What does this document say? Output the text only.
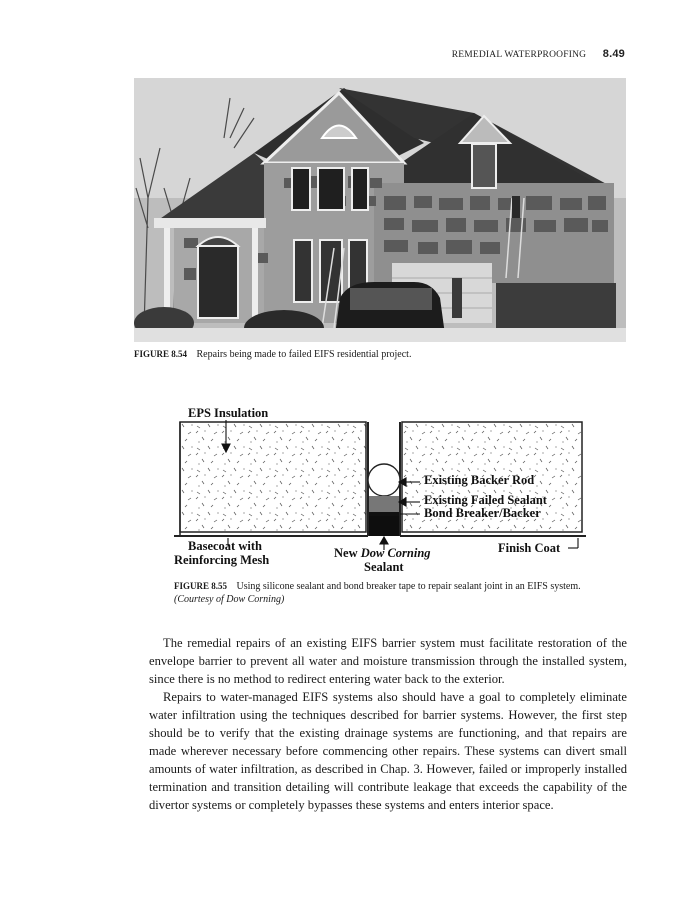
REMEDIAL WATERPROOFING 8.49
FIGURE 8.54 Repairs being made to failed EIFS residential project.
EPS Insulation
Existing Backer Rod
Existing Failed Sealant
Bond Breaker/Backer
Basecoat with
Reinforcing Mesh	New Dow Corning
Sealant
Finish Coat
FIGURE 8.55 Using silicone sealant and bond breaker tape to repair sealant joint in an EIFS system. (Courtesy of Dow Corning)

The remedial repairs of an existing EIFS barrier system must facilitate restoration of the envelope barrier to prevent all water and moisture transmission through the installed system, since there is no method to redirect entering water back to the exterior.

Repairs to water-managed EIFS systems also should have a goal to completely eliminate water infiltration using the techniques described for barrier systems. However, the first step should be to verify that the existing drainage systems are functioning, and that repairs are made wherever necessary before commencing other repairs. These systems can divert small amounts of water infiltration, as described in Chap. 3. However, failed or improperly installed termination and transition detailing will contribute leakage that exceeds the capability of the divertor systems or completely bypasses these systems and enters interior space.
